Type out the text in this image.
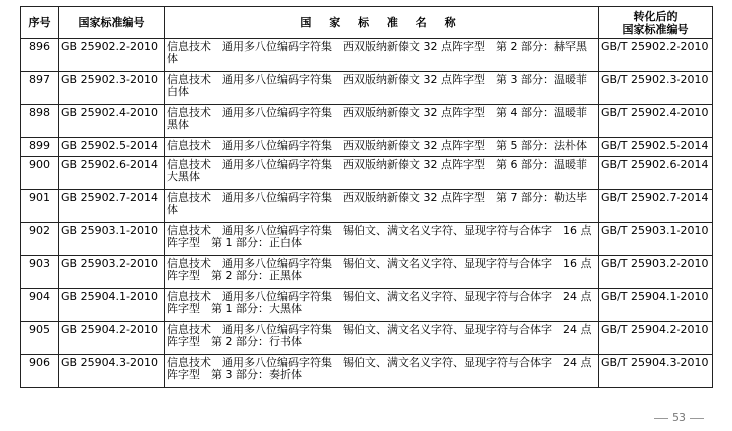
序号	国家标准编号	国 家 标 准 名 称	转化后的
国家标准编号

896	GB 25902.2-2010	信息技术　通用多八位编码字符集　西双版纳新傣文 32 点阵字型　第 2 部分：赫罕黑体	GB/T 25902.2-2010
897	GB 25902.3-2010	信息技术　通用多八位编码字符集　西双版纳新傣文 32 点阵字型　第 3 部分：温暖菲白体	GB/T 25902.3-2010
898	GB 25902.4-2010	信息技术　通用多八位编码字符集　西双版纳新傣文 32 点阵字型　第 4 部分：温暖菲黑体	GB/T 25902.4-2010
899	GB 25902.5-2014	信息技术　通用多八位编码字符集　西双版纳新傣文 32 点阵字型　第 5 部分：法朴体	GB/T 25902.5-2014
900	GB 25902.6-2014	信息技术　通用多八位编码字符集　西双版纳新傣文 32 点阵字型　第 6 部分：温暖菲大黑体	GB/T 25902.6-2014
901	GB 25902.7-2014	信息技术　通用多八位编码字符集　西双版纳新傣文 32 点阵字型　第 7 部分：勒达毕体	GB/T 25902.7-2014
902	GB 25903.1-2010	信息技术　通用多八位编码字符集　锡伯文、满文名义字符、显现字符与合体字　16 点阵字型　第 1 部分：正白体	GB/T 25903.1-2010
903	GB 25903.2-2010	信息技术　通用多八位编码字符集　锡伯文、满文名义字符、显现字符与合体字　16 点阵字型　第 2 部分：正黑体	GB/T 25903.2-2010
904	GB 25904.1-2010	信息技术　通用多八位编码字符集　锡伯文、满文名义字符、显现字符与合体字　24 点阵字型　第 1 部分：大黑体	GB/T 25904.1-2010
905	GB 25904.2-2010	信息技术　通用多八位编码字符集　锡伯文、满文名义字符、显现字符与合体字　24 点阵字型　第 2 部分：行书体	GB/T 25904.2-2010
906	GB 25904.3-2010	信息技术　通用多八位编码字符集　锡伯文、满文名义字符、显现字符与合体字　24 点阵字型　第 3 部分：奏折体	GB/T 25904.3-2010
53
